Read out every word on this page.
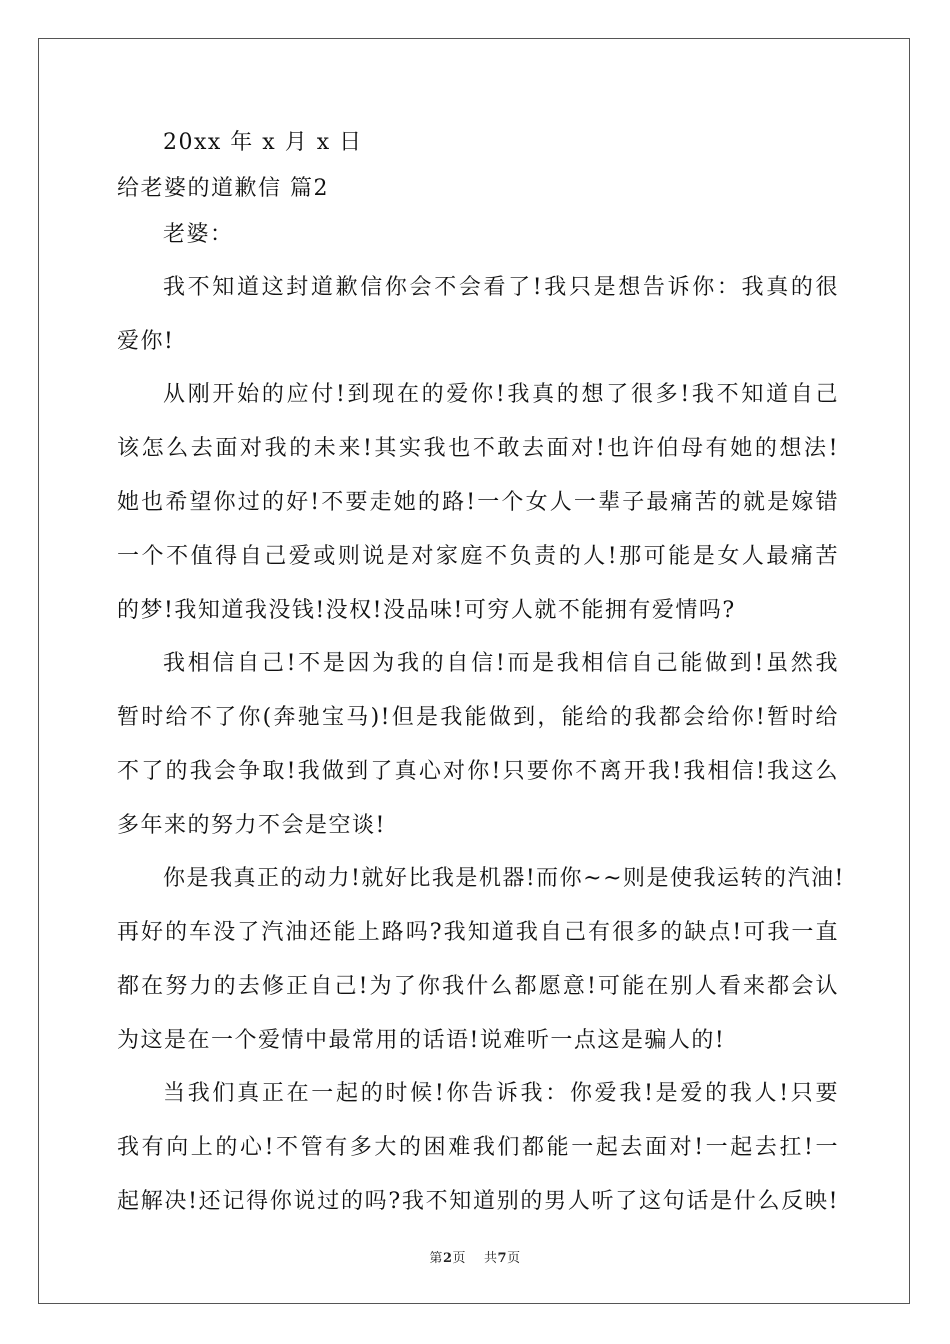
20xx 年 x 月 x 日
给老婆的道歉信 篇2
老婆：
我不知道这封道歉信你会不会看了!我只是想告诉你：我真的很
爱你!
从刚开始的应付!到现在的爱你!我真的想了很多!我不知道自己
该怎么去面对我的未来!其实我也不敢去面对!也许伯母有她的想法!
她也希望你过的好!不要走她的路!一个女人一辈子最痛苦的就是嫁错
一个不值得自己爱或则说是对家庭不负责的人!那可能是女人最痛苦
的梦!我知道我没钱!没权!没品味!可穷人就不能拥有爱情吗?
我相信自己!不是因为我的自信!而是我相信自己能做到!虽然我
暂时给不了你(奔驰宝马)!但是我能做到，能给的我都会给你!暂时给
不了的我会争取!我做到了真心对你!只要你不离开我!我相信!我这么
多年来的努力不会是空谈!
你是我真正的动力!就好比我是机器!而你~~则是使我运转的汽油!
再好的车没了汽油还能上路吗?我知道我自己有很多的缺点!可我一直
都在努力的去修正自己!为了你我什么都愿意!可能在别人看来都会认
为这是在一个爱情中最常用的话语!说难听一点这是骗人的!
当我们真正在一起的时候!你告诉我：你爱我!是爱的我人!只要
我有向上的心!不管有多大的困难我们都能一起去面对!一起去扛!一
起解决!还记得你说过的吗?我不知道别的男人听了这句话是什么反映!
第2页 共7页
